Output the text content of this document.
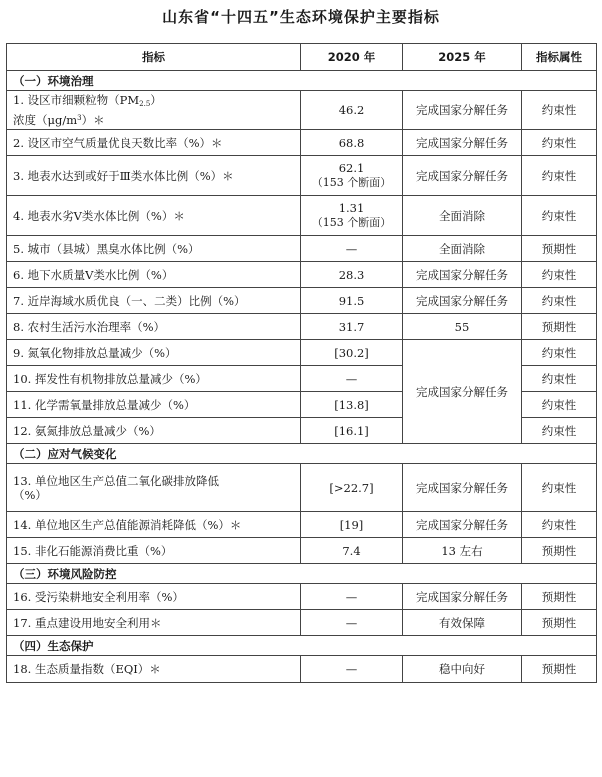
山东省“十四五”生态环境保护主要指标
指标	2020 年	2025 年	指标属性
（一）环境治理			
1. 设区市细颗粒物（PM2.5）
浓度$(\mu g/m^3)*$	46.2	完成国家分解任务	约束性
2. 设区市空气质量优良天数比率（%）＊	68.8	完成国家分解任务	约束性
3. 地表水达到或好于Ⅲ类水体比例（%）＊	62.1
（153 个断面）	完成国家分解任务	约束性
4. 地表水劣Ⅴ类水体比例（%）＊	1.31
（153 个断面）	全面消除	约束性
5. 城市（县城）黑臭水体比例（%）	—	全面消除	预期性
6. 地下水质量Ⅴ类水比例（%）	28.3	完成国家分解任务	约束性
7. 近岸海域水质优良（一、二类）比例（%）	91.5	完成国家分解任务	约束性
8. 农村生活污水治理率（%）	31.7	55	预期性
9. 氮氧化物排放总量减少（%）	[30.2]	完成国家分解任务	约束性
10. 挥发性有机物排放总量减少（%）	—		约束性
11. 化学需氧量排放总量减少（%）	[13.8]		约束性
12. 氨氮排放总量减少（%）	[16.1]		约束性
（二）应对气候变化			
13. 单位地区生产总值二氧化碳排放降低
（%）	[>22.7]	完成国家分解任务	约束性
14. 单位地区生产总值能源消耗降低（%）＊	[19]	完成国家分解任务	约束性
15. 非化石能源消费比重（%）	7.4	13 左右	预期性
（三）环境风险防控			
16. 受污染耕地安全利用率（%）	—	完成国家分解任务	预期性
17. 重点建设用地安全利用＊	—	有效保障	预期性
（四）生态保护			
18. 生态质量指数（EQI）＊	—	稳中向好	预期性
